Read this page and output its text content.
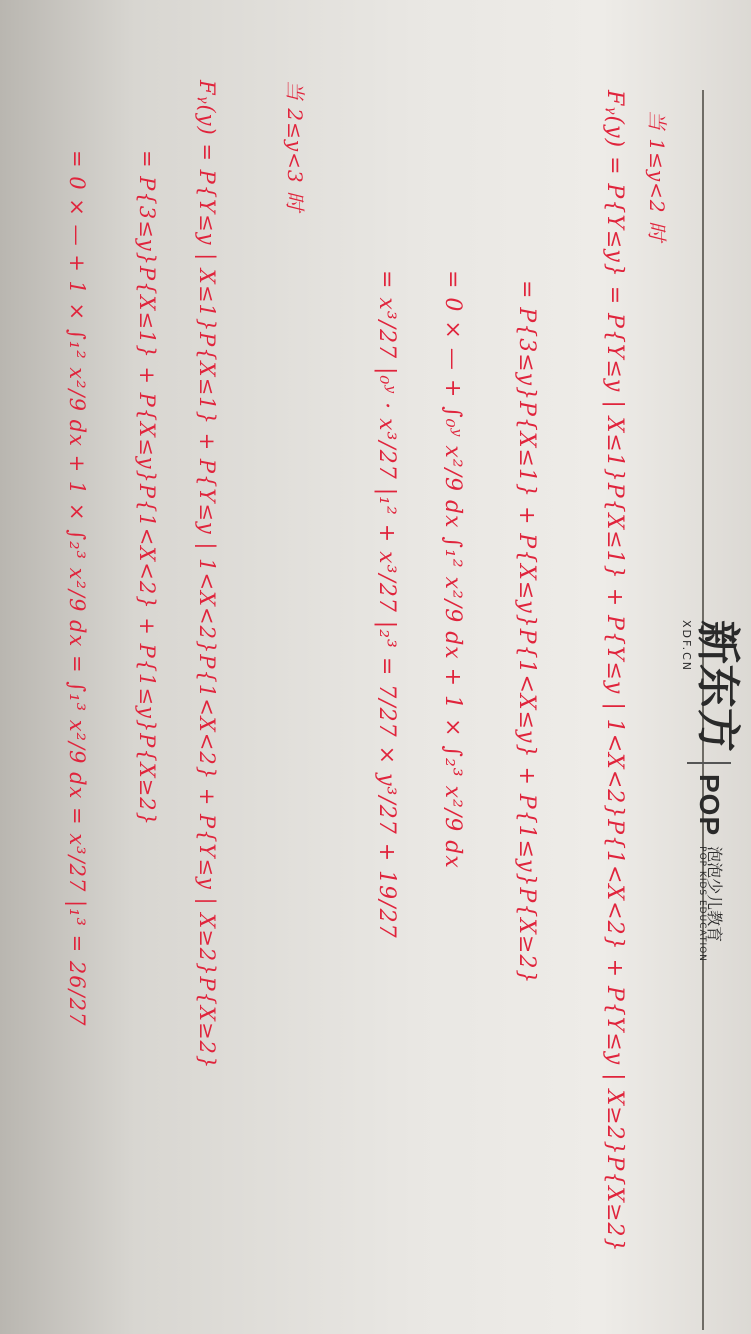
新东方
XDF.CN
POP
泡泡少儿教育
POP KIDS EDUCATION
当 1≤y<2 时
Fᵧ(y) = P{Y≤y} = P{Y≤y | X≤1}P{X≤1} + P{Y≤y | 1<X<2}P{1<X<2} + P{Y≤y | X≥2}P{X≥2}
= P{3≤y}P{X≤1} + P{X≤y}P{1<X≤y} + P{1≤y}P{X≥2}
= 0 × — + ∫₀ʸ x²/9 dx ∫₁² x²/9 dx + 1 × ∫₂³ x²/9 dx
= x³/27 |₀ʸ · x³/27 |₁² + x³/27 |₂³ = 7/27 × y³/27 + 19/27
当 2≤y<3 时
Fᵧ(y) = P{Y≤y | X≤1}P{X≤1} + P{Y≤y | 1<X<2}P{1<X<2} + P{Y≤y | X≥2}P{X≥2}
= P{3≤y}P{X≤1} + P{X≤y}P{1<X<2} + P{1≤y}P{X≥2}
= 0 × — + 1 × ∫₁² x²/9 dx + 1 × ∫₂³ x²/9 dx = ∫₁³ x²/9 dx = x³/27 |₁³ = 26/27
